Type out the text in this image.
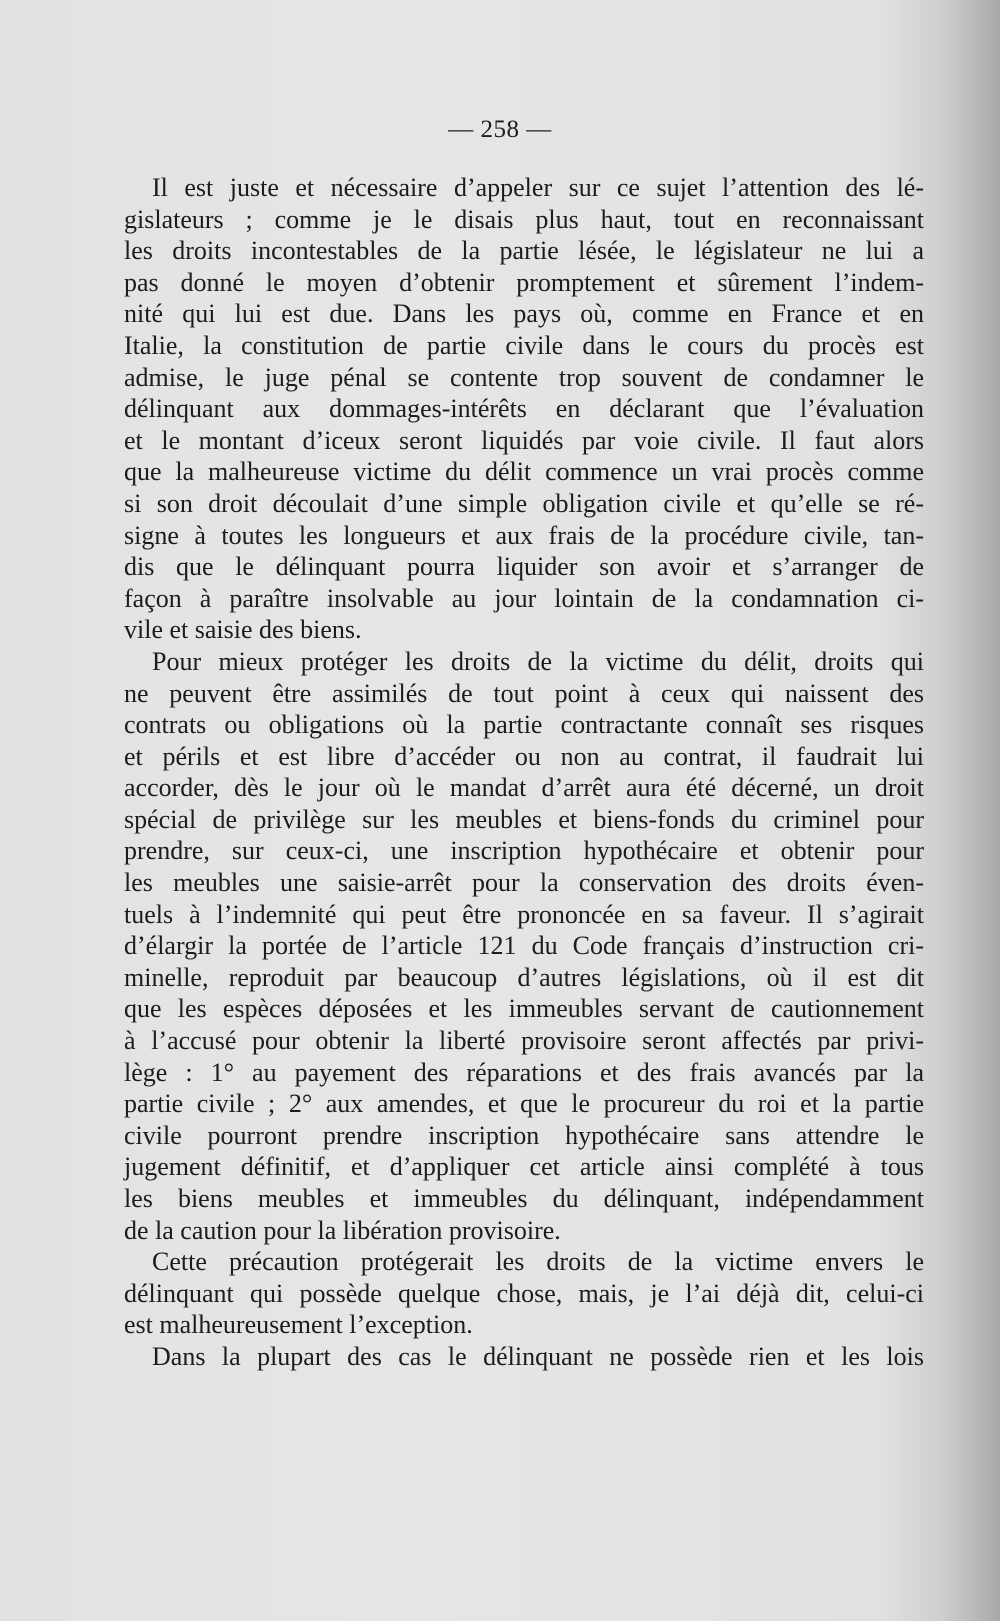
— 258 —
Il est juste et nécessaire d’appeler sur ce sujet l’attention des lé-
gislateurs ; comme je le disais plus haut, tout en reconnaissant
les droits incontestables de la partie lésée, le législateur ne lui a
pas donné le moyen d’obtenir promptement et sûrement l’indem-
nité qui lui est due. Dans les pays où, comme en France et en
Italie, la constitution de partie civile dans le cours du procès est
admise, le juge pénal se contente trop souvent de condamner le
délinquant aux dommages-intérêts en déclarant que l’évaluation
et le montant d’iceux seront liquidés par voie civile. Il faut alors
que la malheureuse victime du délit commence un vrai procès comme
si son droit découlait d’une simple obligation civile et qu’elle se ré-
signe à toutes les longueurs et aux frais de la procédure civile, tan-
dis que le délinquant pourra liquider son avoir et s’arranger de
façon à paraître insolvable au jour lointain de la condamnation ci-
vile et saisie des biens.
Pour mieux protéger les droits de la victime du délit, droits qui
ne peuvent être assimilés de tout point à ceux qui naissent des
contrats ou obligations où la partie contractante connaît ses risques
et périls et est libre d’accéder ou non au contrat, il faudrait lui
accorder, dès le jour où le mandat d’arrêt aura été décerné, un droit
spécial de privilège sur les meubles et biens-fonds du criminel pour
prendre, sur ceux-ci, une inscription hypothécaire et obtenir pour
les meubles une saisie-arrêt pour la conservation des droits éven-
tuels à l’indemnité qui peut être prononcée en sa faveur. Il s’agirait
d’élargir la portée de l’article 121 du Code français d’instruction cri-
minelle, reproduit par beaucoup d’autres législations, où il est dit
que les espèces déposées et les immeubles servant de cautionnement
à l’accusé pour obtenir la liberté provisoire seront affectés par privi-
lège : 1° au payement des réparations et des frais avancés par la
partie civile ; 2° aux amendes, et que le procureur du roi et la partie
civile pourront prendre inscription hypothécaire sans attendre le
jugement définitif, et d’appliquer cet article ainsi complété à tous
les biens meubles et immeubles du délinquant, indépendamment
de la caution pour la libération provisoire.
Cette précaution protégerait les droits de la victime envers le
délinquant qui possède quelque chose, mais, je l’ai déjà dit, celui-ci
est malheureusement l’exception.
Dans la plupart des cas le délinquant ne possède rien et les lois
